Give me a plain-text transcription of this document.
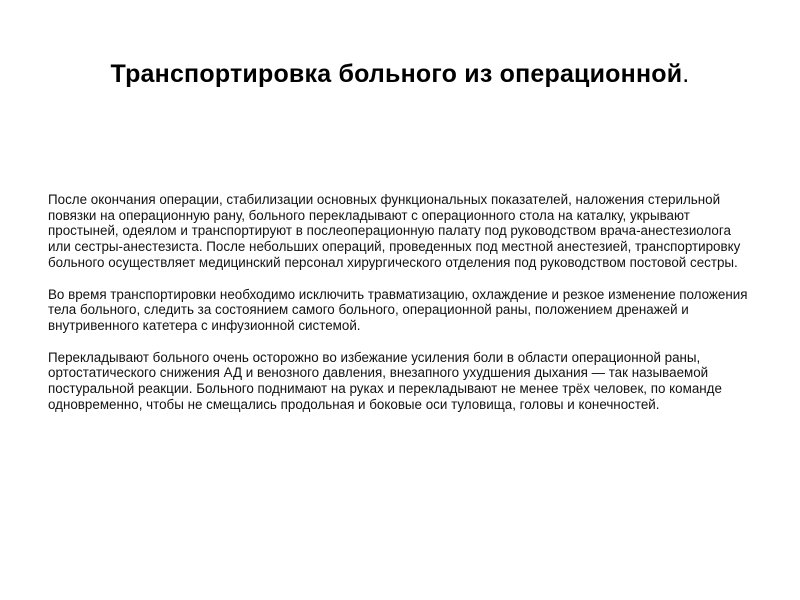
Транспортировка больного из операционной.

После окончания операции, стабилизации основных функциональных показателей, наложения стерильной повязки на операционную рану, больного перекладывают с операционного стола на каталку, укрывают простыней, одеялом и транспортируют в послеоперационную палату под руководством врача-анестезиолога или сестры-анестезиста. После небольших операций, проведенных под местной анестезией, транспортировку больного осуществляет медицинский персонал хирургического отделения под руководством постовой сестры.

Во время транспортировки необходимо исключить травматизацию, охлаждение и резкое изменение положения тела больного, следить за состоянием самого больного, операционной раны, положением дренажей и внутривенного катетера с инфузионной системой.

Перекладывают больного очень осторожно во избежание усиления боли в области операционной раны, ортостатического снижения АД и венозного давления, внезапного ухудшения дыхания — так называемой постуральной реакции. Больного поднимают на руках и перекладывают не менее трёх человек, по команде одновременно, чтобы не смещались продольная и боковые оси туловища, головы и конечностей.
